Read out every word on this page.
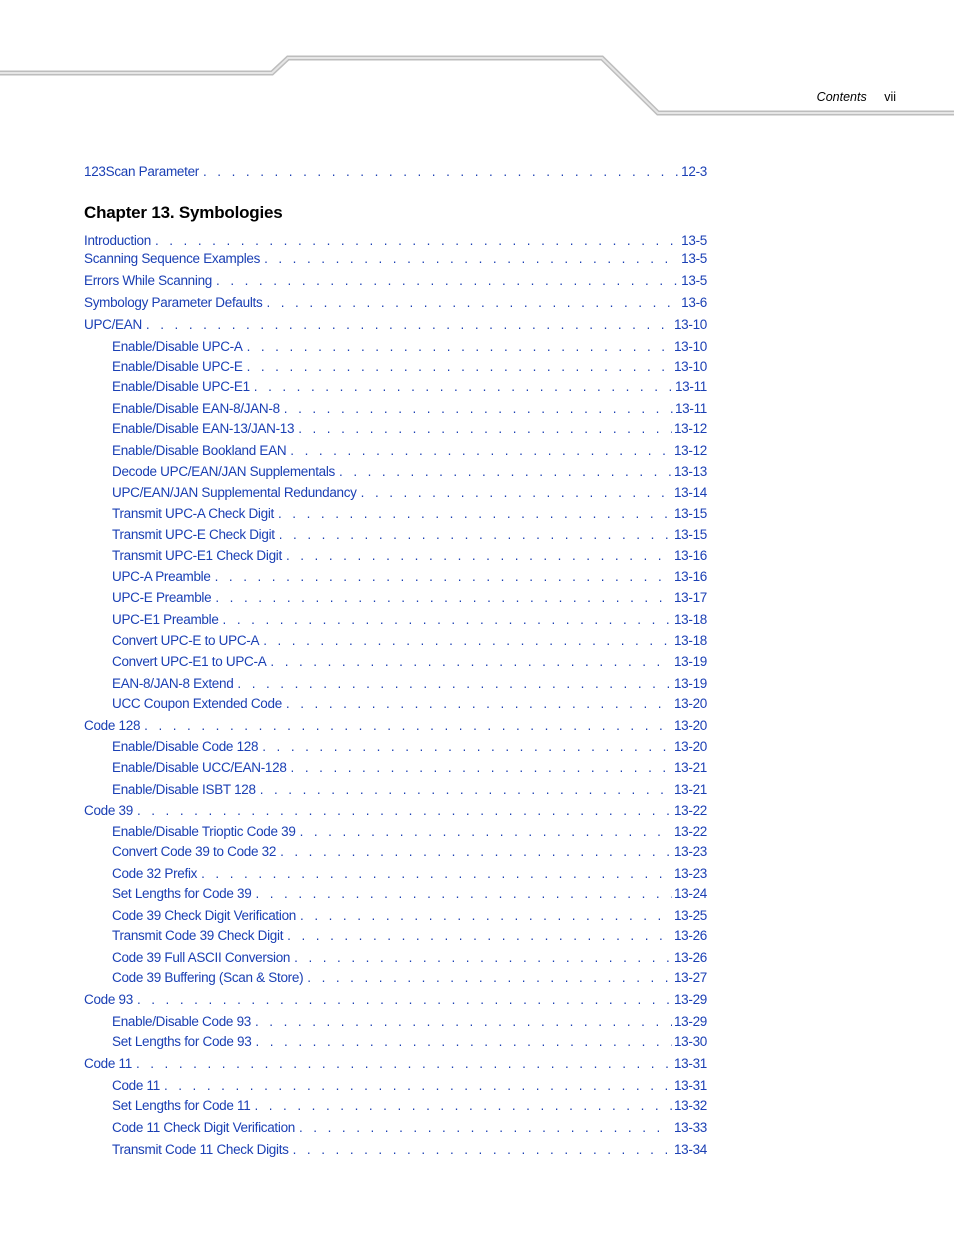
Contents vii
123Scan Parameter . . .	12-3
Chapter 13. Symbologies
Introduction . . .	13-5
Scanning Sequence Examples . . .	13-5
Errors While Scanning . . .	13-5
Symbology Parameter Defaults . . .	13-6
UPC/EAN . . .	13-10
Enable/Disable UPC-A . . .	13-10
Enable/Disable UPC-E . . .	13-10
Enable/Disable UPC-E1 . . .	13-11
Enable/Disable EAN-8/JAN-8 . . .	13-11
Enable/Disable EAN-13/JAN-13 . . .	13-12
Enable/Disable Bookland EAN . . .	13-12
Decode UPC/EAN/JAN Supplementals . . .	13-13
UPC/EAN/JAN Supplemental Redundancy . . .	13-14
Transmit UPC-A Check Digit . . .	13-15
Transmit UPC-E Check Digit . . .	13-15
Transmit UPC-E1 Check Digit . . .	13-16
UPC-A Preamble . . .	13-16
UPC-E Preamble . . .	13-17
UPC-E1 Preamble . . .	13-18
Convert UPC-E to UPC-A . . .	13-18
Convert UPC-E1 to UPC-A . . .	13-19
EAN-8/JAN-8 Extend . . .	13-19
UCC Coupon Extended Code . . .	13-20
Code 128 . . .	13-20
Enable/Disable Code 128 . . .	13-20
Enable/Disable UCC/EAN-128 . . .	13-21
Enable/Disable ISBT 128 . . .	13-21
Code 39 . . .	13-22
Enable/Disable Trioptic Code 39 . . .	13-22
Convert Code 39 to Code 32 . . .	13-23
Code 32 Prefix . . .	13-23
Set Lengths for Code 39 . . .	13-24
Code 39 Check Digit Verification . . .	13-25
Transmit Code 39 Check Digit . . .	13-26
Code 39 Full ASCII Conversion . . .	13-26
Code 39 Buffering (Scan & Store) . . .	13-27
Code 93 . . .	13-29
Enable/Disable Code 93 . . .	13-29
Set Lengths for Code 93 . . .	13-30
Code 11 . . .	13-31
Code 11 . . .	13-31
Set Lengths for Code 11 . . .	13-32
Code 11 Check Digit Verification . . .	13-33
Transmit Code 11 Check Digits . . .	13-34
